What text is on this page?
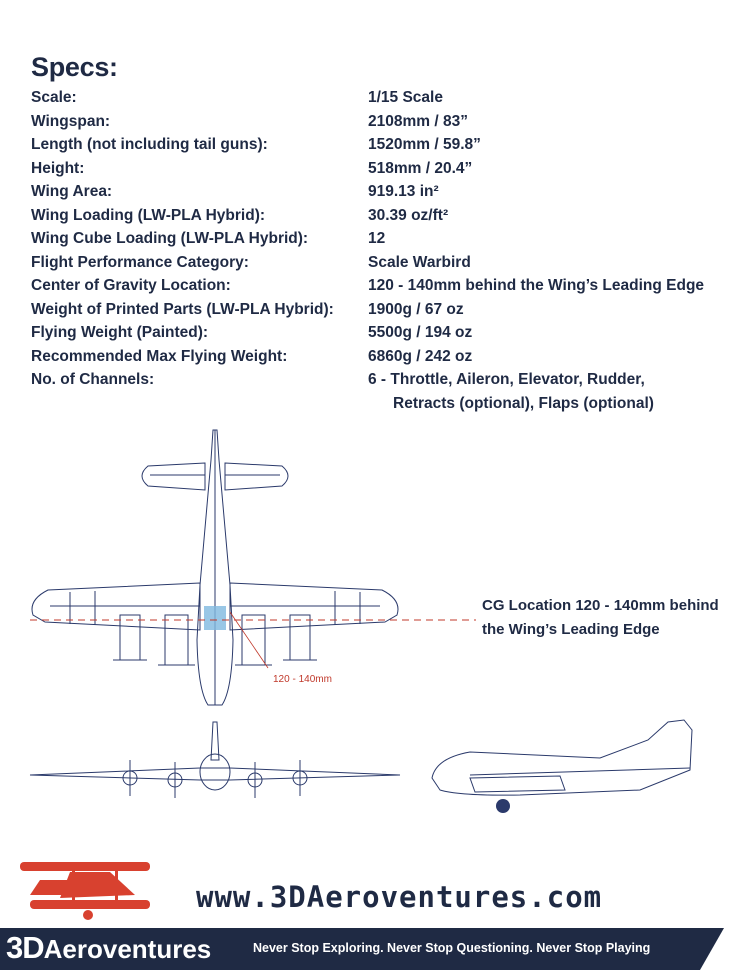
Specs:
Scale:	1/15 Scale
Wingspan:	2108mm / 83”
Length (not including tail guns):	1520mm / 59.8”
Height:	518mm / 20.4”
Wing Area:	919.13 in²
Wing Loading (LW-PLA Hybrid):	30.39 oz/ft²
Wing Cube Loading (LW-PLA Hybrid):	12
Flight Performance Category:	Scale Warbird
Center of Gravity Location:	120 - 140mm behind the Wing’s Leading Edge
Weight of Printed Parts (LW-PLA Hybrid): 1900g / 67 oz
Flying Weight (Painted):	5500g / 194 oz
Recommended Max Flying Weight:	6860g / 242 oz
No. of Channels:	6 - Throttle, Aileron, Elevator, Rudder,
Retracts (optional), Flaps (optional)
CG Location 120 - 140mm behind
the Wing’s Leading Edge
120 - 140mm
www.3DAeroventures.com
3DAeroventures	Never Stop Exploring. Never Stop Questioning. Never Stop Playing
